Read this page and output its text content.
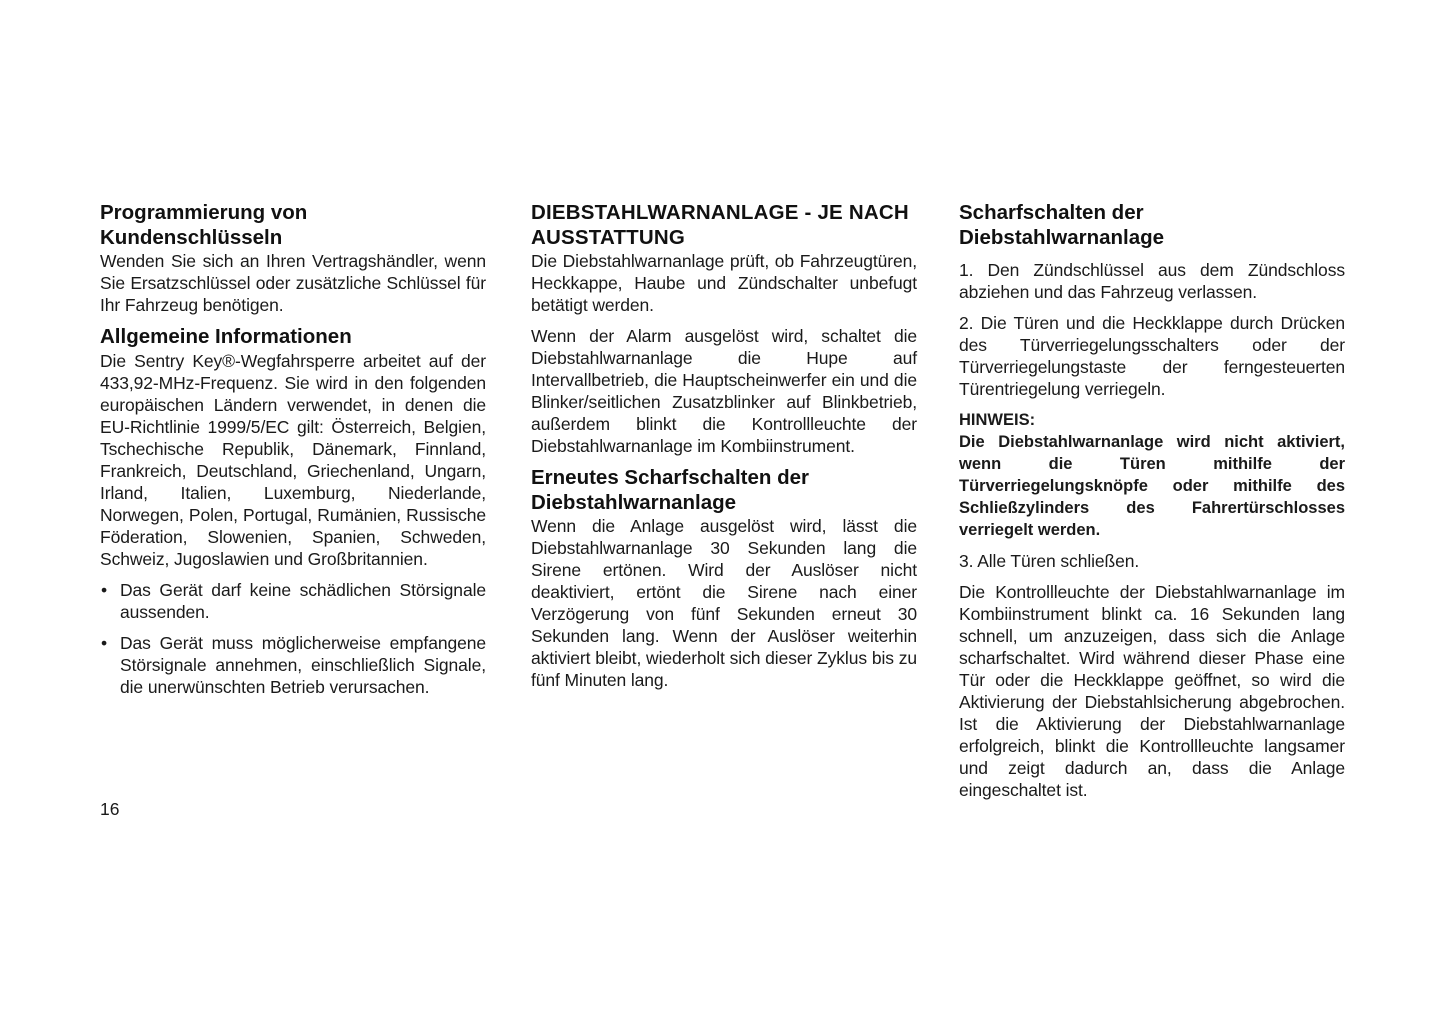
Programmierung von Kundenschlüsseln

Wenden Sie sich an Ihren Vertragshändler, wenn Sie Ersatzschlüssel oder zusätzliche Schlüssel für Ihr Fahrzeug benötigen.

Allgemeine Informationen

Die Sentry Key®-Wegfahrsperre arbeitet auf der 433,92-MHz-Frequenz. Sie wird in den folgenden europäischen Ländern verwendet, in denen die EU-Richtlinie 1999/5/EC gilt: Österreich, Belgien, Tschechische Republik, Dänemark, Finnland, Frankreich, Deutschland, Griechenland, Ungarn, Irland, Italien, Luxemburg, Niederlande, Norwegen, Polen, Portugal, Rumänien, Russische Föderation, Slowenien, Spanien, Schweden, Schweiz, Jugoslawien und Großbritannien.

• Das Gerät darf keine schädlichen Störsignale aussenden.
• Das Gerät muss möglicherweise empfangene Störsignale annehmen, einschließlich Signale, die unerwünschten Betrieb verursachen.
DIEBSTAHLWARNANLAGE - JE NACH AUSSTATTUNG

Die Diebstahlwarnanlage prüft, ob Fahrzeugtüren, Heckkappe, Haube und Zündschalter unbefugt betätigt werden.

Wenn der Alarm ausgelöst wird, schaltet die Diebstahlwarnanlage die Hupe auf Intervallbetrieb, die Hauptscheinwerfer ein und die Blinker/seitlichen Zusatzblinker auf Blinkbetrieb, außerdem blinkt die Kontrollleuchte der Diebstahlwarnanlage im Kombiinstrument.

Erneutes Scharfschalten der Diebstahlwarnanlage

Wenn die Anlage ausgelöst wird, lässt die Diebstahlwarnanlage 30 Sekunden lang die Sirene ertönen. Wird der Auslöser nicht deaktiviert, ertönt die Sirene nach einer Verzögerung von fünf Sekunden erneut 30 Sekunden lang. Wenn der Auslöser weiterhin aktiviert bleibt, wiederholt sich dieser Zyklus bis zu fünf Minuten lang.

Scharfschalten der Diebstahlwarnanlage

1. Den Zündschlüssel aus dem Zündschloss abziehen und das Fahrzeug verlassen.

2. Die Türen und die Heckklappe durch Drücken des Türverriegelungsschalters oder der Türverriegelungstaste der ferngesteuerten Türentriegelung verriegeln.

HINWEIS:
Die Diebstahlwarnanlage wird nicht aktiviert, wenn die Türen mithilfe der Türverriegelungsknöpfe oder mithilfe des Schließzylinders des Fahrertürschlosses verriegelt werden.

3. Alle Türen schließen.

Die Kontrollleuchte der Diebstahlwarnanlage im Kombiinstrument blinkt ca. 16 Sekunden lang schnell, um anzuzeigen, dass sich die Anlage scharfschaltet. Wird während dieser Phase eine Tür oder die Heckklappe geöffnet, so wird die Aktivierung der Diebstahlsicherung abgebrochen. Ist die Aktivierung der Diebstahlwarnanlage erfolgreich, blinkt die Kontrollleuchte langsamer und zeigt dadurch an, dass die Anlage eingeschaltet ist.

16
